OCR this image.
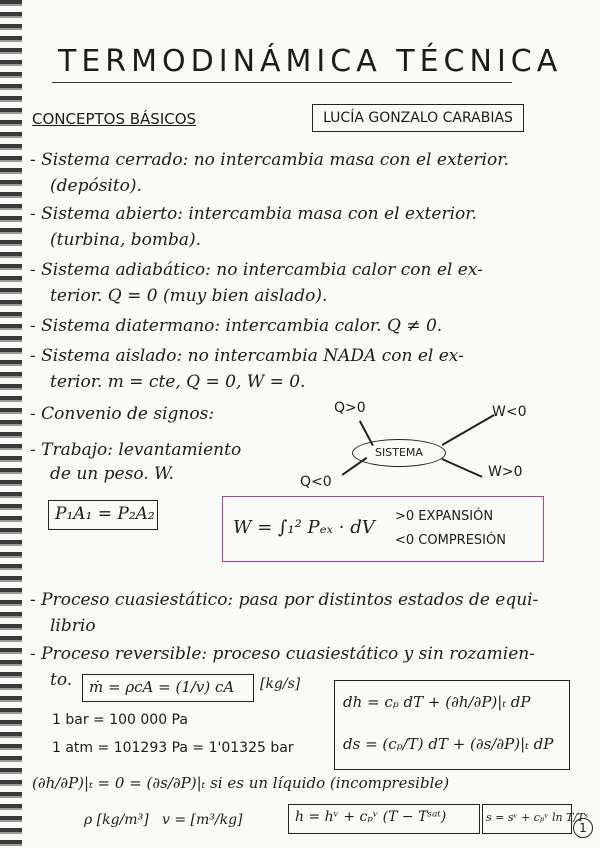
TERMODINÁMICA TÉCNICA
CONCEPTOS BÁSICOS	LUCÍA GONZALO CARABIAS
- Sistema cerrado: no intercambia masa con el exterior.
(depósito).
- Sistema abierto: intercambia masa con el exterior.
(turbina, bomba).
- Sistema adiabático: no intercambia calor con el ex-
terior. Q = 0 (muy bien aislado).
- Sistema diatermano: intercambia calor. Q ≠ 0.
- Sistema aislado: no intercambia NADA con el ex-
terior. m = cte, Q = 0, W = 0.
- Convenio de signos:
- Trabajo: levantamiento
de un peso. W.
Q>0	W<0
SISTEMA
Q<0
W>0
P₁A₁ = P₂A₂
W = ∫₁² Pₑₓ · dV
>0 EXPANSIÓN
<0 COMPRESIÓN
- Proceso cuasiestático: pasa por distintos estados de equi-
librio
- Proceso reversible: proceso cuasiestático y sin rozamien-
to. ṁ = ρcA = (1/v) cA [kg/s]
1 bar = 100 000 Pa
1 atm = 101293 Pa = 1'01325 bar
dh = cₚ dT + (∂h/∂P)|ₜ dP
ds = (cₚ/T) dT + (∂s/∂P)|ₜ dP
(∂h/∂P)|ₜ = 0 = (∂s/∂P)|ₜ si es un líquido (incompresible)
ρ [kg/m³] v = [m³/kg]	h = hᵛ + cₚᵛ (T − Tˢᵃᵗ)	s = sᵛ + cₚᵛ ln T/Tˢ
1
